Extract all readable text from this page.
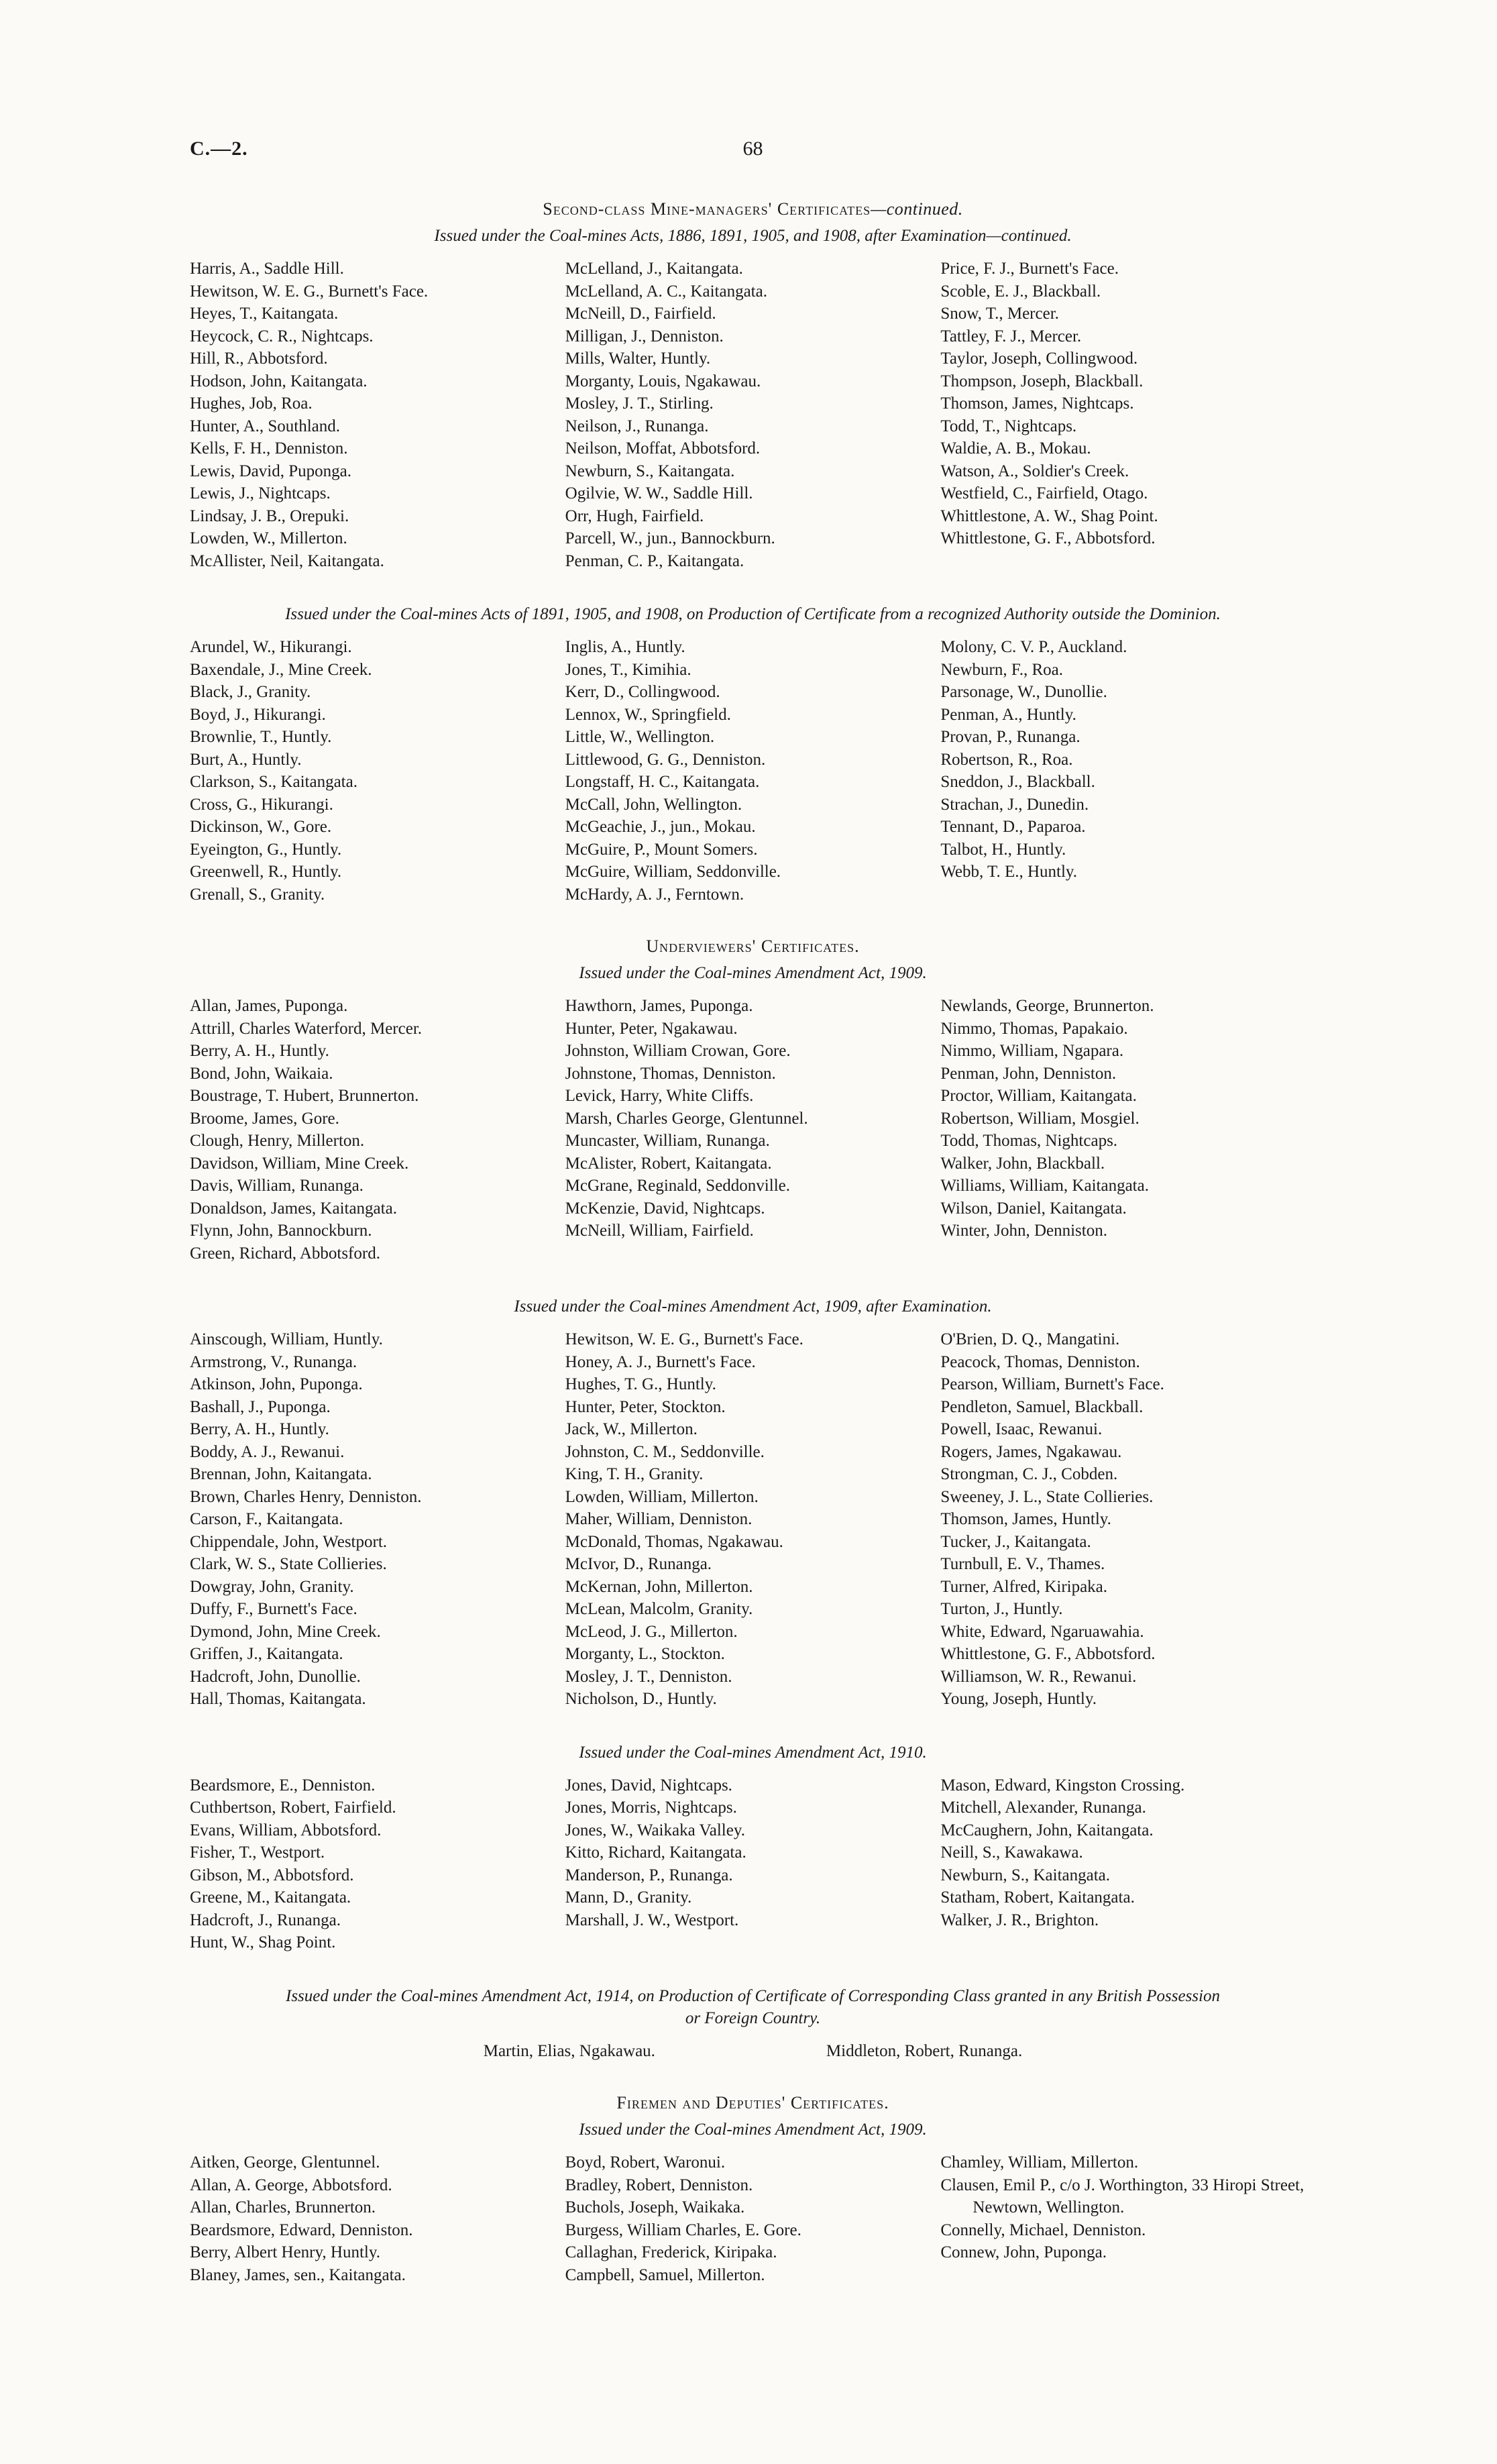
C.—2.	68
Second-class Mine-managers' Certificates—continued.

Issued under the Coal-mines Acts, 1886, 1891, 1905, and 1908, after Examination—continued.

Harris, A., Saddle Hill.
Hewitson, W. E. G., Burnett's Face.
Heyes, T., Kaitangata.
Heycock, C. R., Nightcaps.
Hill, R., Abbotsford.
Hodson, John, Kaitangata.
Hughes, Job, Roa.
Hunter, A., Southland.
Kells, F. H., Denniston.
Lewis, David, Puponga.
Lewis, J., Nightcaps.
Lindsay, J. B., Orepuki.
Lowden, W., Millerton.
McAllister, Neil, Kaitangata.
McLelland, J., Kaitangata.
McLelland, A. C., Kaitangata.
McNeill, D., Fairfield.
Milligan, J., Denniston.
Mills, Walter, Huntly.
Morganty, Louis, Ngakawau.
Mosley, J. T., Stirling.
Neilson, J., Runanga.
Neilson, Moffat, Abbotsford.
Newburn, S., Kaitangata.
Ogilvie, W. W., Saddle Hill.
Orr, Hugh, Fairfield.
Parcell, W., jun., Bannockburn.
Penman, C. P., Kaitangata.
Price, F. J., Burnett's Face.
Scoble, E. J., Blackball.
Snow, T., Mercer.
Tattley, F. J., Mercer.
Taylor, Joseph, Collingwood.
Thompson, Joseph, Blackball.
Thomson, James, Nightcaps.
Todd, T., Nightcaps.
Waldie, A. B., Mokau.
Watson, A., Soldier's Creek.
Westfield, C., Fairfield, Otago.
Whittlestone, A. W., Shag Point.
Whittlestone, G. F., Abbotsford.

Issued under the Coal-mines Acts of 1891, 1905, and 1908, on Production of Certificate from a recognized Authority outside the Dominion.

Arundel, W., Hikurangi.
Baxendale, J., Mine Creek.
Black, J., Granity.
Boyd, J., Hikurangi.
Brownlie, T., Huntly.
Burt, A., Huntly.
Clarkson, S., Kaitangata.
Cross, G., Hikurangi.
Dickinson, W., Gore.
Eyeington, G., Huntly.
Greenwell, R., Huntly.
Grenall, S., Granity.
Inglis, A., Huntly.
Jones, T., Kimihia.
Kerr, D., Collingwood.
Lennox, W., Springfield.
Little, W., Wellington.
Littlewood, G. G., Denniston.
Longstaff, H. C., Kaitangata.
McCall, John, Wellington.
McGeachie, J., jun., Mokau.
McGuire, P., Mount Somers.
McGuire, William, Seddonville.
McHardy, A. J., Ferntown.
Molony, C. V. P., Auckland.
Newburn, F., Roa.
Parsonage, W., Dunollie.
Penman, A., Huntly.
Provan, P., Runanga.
Robertson, R., Roa.
Sneddon, J., Blackball.
Strachan, J., Dunedin.
Tennant, D., Paparoa.
Talbot, H., Huntly.
Webb, T. E., Huntly.
Underviewers' Certificates.

Issued under the Coal-mines Amendment Act, 1909.

Allan, James, Puponga.
Attrill, Charles Waterford, Mercer.
Berry, A. H., Huntly.
Bond, John, Waikaia.
Boustrage, T. Hubert, Brunnerton.
Broome, James, Gore.
Clough, Henry, Millerton.
Davidson, William, Mine Creek.
Davis, William, Runanga.
Donaldson, James, Kaitangata.
Flynn, John, Bannockburn.
Green, Richard, Abbotsford.
Hawthorn, James, Puponga.
Hunter, Peter, Ngakawau.
Johnston, William Crowan, Gore.
Johnstone, Thomas, Denniston.
Levick, Harry, White Cliffs.
Marsh, Charles George, Glentunnel.
Muncaster, William, Runanga.
McAlister, Robert, Kaitangata.
McGrane, Reginald, Seddonville.
McKenzie, David, Nightcaps.
McNeill, William, Fairfield.
Newlands, George, Brunnerton.
Nimmo, Thomas, Papakaio.
Nimmo, William, Ngapara.
Penman, John, Denniston.
Proctor, William, Kaitangata.
Robertson, William, Mosgiel.
Todd, Thomas, Nightcaps.
Walker, John, Blackball.
Williams, William, Kaitangata.
Wilson, Daniel, Kaitangata.
Winter, John, Denniston.

Issued under the Coal-mines Amendment Act, 1909, after Examination.

Ainscough, William, Huntly.
Armstrong, V., Runanga.
Atkinson, John, Puponga.
Bashall, J., Puponga.
Berry, A. H., Huntly.
Boddy, A. J., Rewanui.
Brennan, John, Kaitangata.
Brown, Charles Henry, Denniston.
Carson, F., Kaitangata.
Chippendale, John, Westport.
Clark, W. S., State Collieries.
Dowgray, John, Granity.
Duffy, F., Burnett's Face.
Dymond, John, Mine Creek.
Griffen, J., Kaitangata.
Hadcroft, John, Dunollie.
Hall, Thomas, Kaitangata.
Hewitson, W. E. G., Burnett's Face.
Honey, A. J., Burnett's Face.
Hughes, T. G., Huntly.
Hunter, Peter, Stockton.
Jack, W., Millerton.
Johnston, C. M., Seddonville.
King, T. H., Granity.
Lowden, William, Millerton.
Maher, William, Denniston.
McDonald, Thomas, Ngakawau.
McIvor, D., Runanga.
McKernan, John, Millerton.
McLean, Malcolm, Granity.
McLeod, J. G., Millerton.
Morganty, L., Stockton.
Mosley, J. T., Denniston.
Nicholson, D., Huntly.
O'Brien, D. Q., Mangatini.
Peacock, Thomas, Denniston.
Pearson, William, Burnett's Face.
Pendleton, Samuel, Blackball.
Powell, Isaac, Rewanui.
Rogers, James, Ngakawau.
Strongman, C. J., Cobden.
Sweeney, J. L., State Collieries.
Thomson, James, Huntly.
Tucker, J., Kaitangata.
Turnbull, E. V., Thames.
Turner, Alfred, Kiripaka.
Turton, J., Huntly.
White, Edward, Ngaruawahia.
Whittlestone, G. F., Abbotsford.
Williamson, W. R., Rewanui.
Young, Joseph, Huntly.

Issued under the Coal-mines Amendment Act, 1910.

Beardsmore, E., Denniston.
Cuthbertson, Robert, Fairfield.
Evans, William, Abbotsford.
Fisher, T., Westport.
Gibson, M., Abbotsford.
Greene, M., Kaitangata.
Hadcroft, J., Runanga.
Hunt, W., Shag Point.
Jones, David, Nightcaps.
Jones, Morris, Nightcaps.
Jones, W., Waikaka Valley.
Kitto, Richard, Kaitangata.
Manderson, P., Runanga.
Mann, D., Granity.
Marshall, J. W., Westport.
Mason, Edward, Kingston Crossing.
Mitchell, Alexander, Runanga.
McCaughern, John, Kaitangata.
Neill, S., Kawakawa.
Newburn, S., Kaitangata.
Statham, Robert, Kaitangata.
Walker, J. R., Brighton.

Issued under the Coal-mines Amendment Act, 1914, on Production of Certificate of Corresponding Class granted in any British Possession or Foreign Country.

Martin, Elias, Ngakawau.	Middleton, Robert, Runanga.
Firemen and Deputies' Certificates.

Issued under the Coal-mines Amendment Act, 1909.

Aitken, George, Glentunnel.
Allan, A. George, Abbotsford.
Allan, Charles, Brunnerton.
Beardsmore, Edward, Denniston.
Berry, Albert Henry, Huntly.
Blaney, James, sen., Kaitangata.
Boyd, Robert, Waronui.
Bradley, Robert, Denniston.
Buchols, Joseph, Waikaka.
Burgess, William Charles, E. Gore.
Callaghan, Frederick, Kiripaka.
Campbell, Samuel, Millerton.
Chamley, William, Millerton.
Clausen, Emil P., c/o J. Worthington, 33 Hiropi Street, Newtown, Wellington.
Connelly, Michael, Denniston.
Connew, John, Puponga.
